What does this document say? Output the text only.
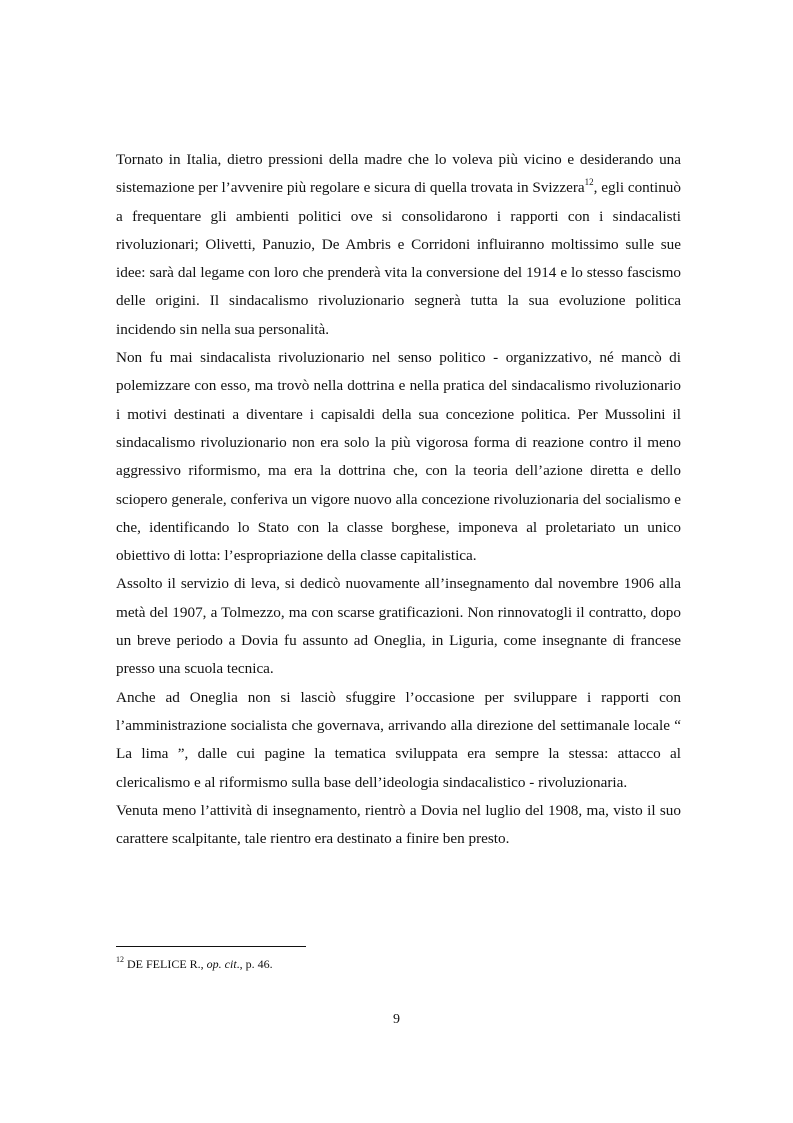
Tornato in Italia, dietro pressioni della madre che lo voleva più vicino e desiderando una sistemazione per l’avvenire più regolare e sicura di quella trovata in Svizzera$^{12}$, egli continuò a frequentare gli ambienti politici ove si consolidarono i rapporti con i sindacalisti rivoluzionari; Olivetti, Panuzio, De Ambris e Corridoni influiranno moltissimo sulle sue idee: sarà dal legame con loro che prenderà vita la conversione del 1914 e lo stesso fascismo delle origini. Il sindacalismo rivoluzionario segnerà tutta la sua evoluzione politica incidendo sin nella sua personalità.

Non fu mai sindacalista rivoluzionario nel senso politico - organizzativo, né mancò di polemizzare con esso, ma trovò nella dottrina e nella pratica del sindacalismo rivoluzionario i motivi destinati a diventare i capisaldi della sua concezione politica. Per Mussolini il sindacalismo rivoluzionario non era solo la più vigorosa forma di reazione contro il meno aggressivo riformismo, ma era la dottrina che, con la teoria dell’azione diretta e dello sciopero generale, conferiva un vigore nuovo alla concezione rivoluzionaria del socialismo e che, identificando lo Stato con la classe borghese, imponeva al proletariato un unico obiettivo di lotta: l’espropriazione della classe capitalistica.

Assolto il servizio di leva, si dedicò nuovamente all’insegnamento dal novembre 1906 alla metà del 1907, a Tolmezzo, ma con scarse gratificazioni. Non rinnovatogli il contratto, dopo un breve periodo a Dovia fu assunto ad Oneglia, in Liguria, come insegnante di francese presso una scuola tecnica.

Anche ad Oneglia non si lasciò sfuggire l’occasione per sviluppare i rapporti con l’amministrazione socialista che governava, arrivando alla direzione del settimanale locale “ La lima ”, dalle cui pagine la tematica sviluppata era sempre la stessa: attacco al clericalismo e al riformismo sulla base dell’ideologia sindacalistico - rivoluzionaria.

Venuta meno l’attività di insegnamento, rientrò a Dovia nel luglio del 1908, ma, visto il suo carattere scalpitante, tale rientro era destinato a finire ben presto.

$^{12}$ DE FELICE R., op. cit., p. 46.
9
